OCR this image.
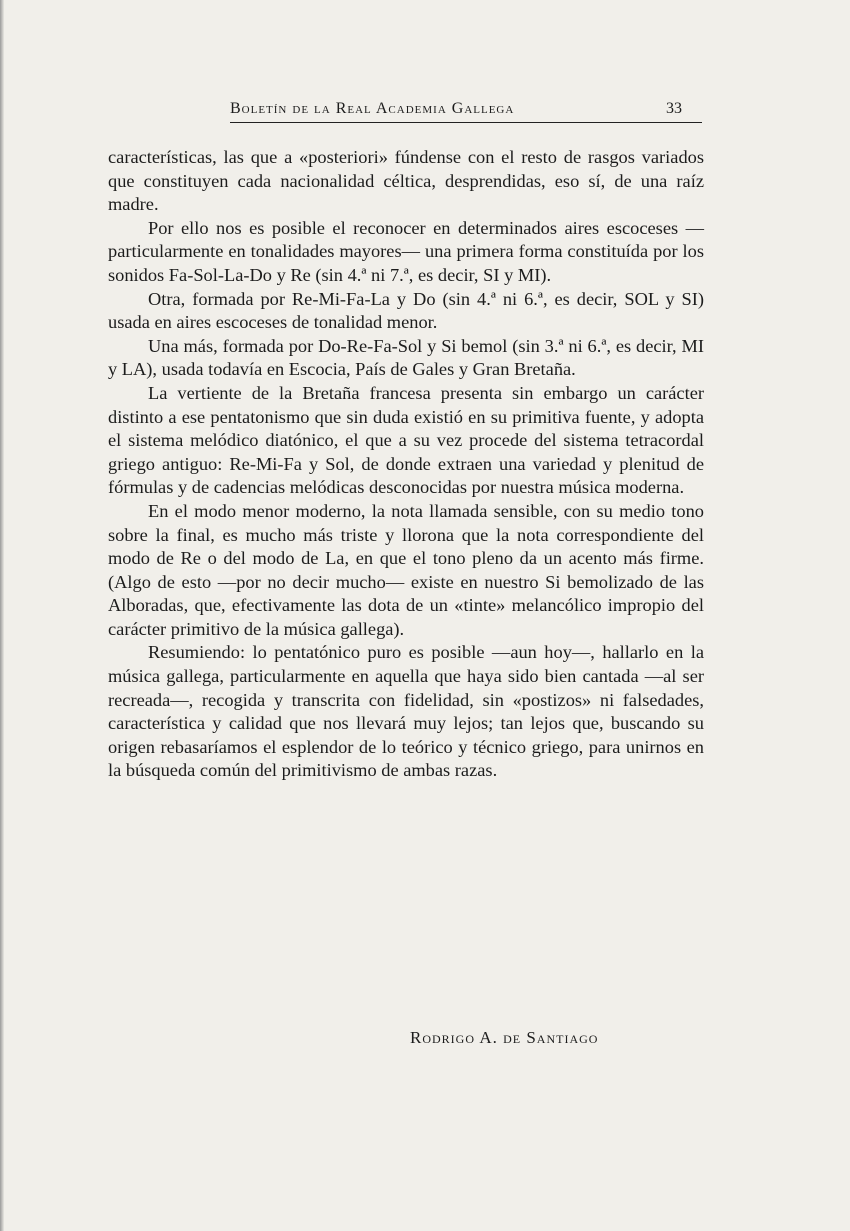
Boletín de la Real Academia Gallega	33

características, las que a «posteriori» fúndense con el resto de rasgos variados que constituyen cada nacionalidad céltica, desprendidas, eso sí, de una raíz madre.

Por ello nos es posible el reconocer en determinados aires escoceses —particularmente en tonalidades mayores— una primera forma constituída por los sonidos Fa-Sol-La-Do y Re (sin 4.ª ni 7.ª, es decir, SI y MI).

Otra, formada por Re-Mi-Fa-La y Do (sin 4.ª ni 6.ª, es decir, SOL y SI) usada en aires escoceses de tonalidad menor.

Una más, formada por Do-Re-Fa-Sol y Si bemol (sin 3.ª ni 6.ª, es decir, MI y LA), usada todavía en Escocia, País de Gales y Gran Bretaña.

La vertiente de la Bretaña francesa presenta sin embargo un carácter distinto a ese pentatonismo que sin duda existió en su primitiva fuente, y adopta el sistema melódico diatónico, el que a su vez procede del sistema tetracordal griego antiguo: Re-Mi-Fa y Sol, de donde extraen una variedad y plenitud de fórmulas y de cadencias melódicas desconocidas por nuestra música moderna.

En el modo menor moderno, la nota llamada sensible, con su medio tono sobre la final, es mucho más triste y llorona que la nota correspondiente del modo de Re o del modo de La, en que el tono pleno da un acento más firme. (Algo de esto —por no decir mucho— existe en nuestro Si bemolizado de las Alboradas, que, efectivamente las dota de un «tinte» melancólico impropio del carácter primitivo de la música gallega).

Resumiendo: lo pentatónico puro es posible —aun hoy—, hallarlo en la música gallega, particularmente en aquella que haya sido bien cantada —al ser recreada—, recogida y transcrita con fidelidad, sin «postizos» ni falsedades, característica y calidad que nos llevará muy lejos; tan lejos que, buscando su origen rebasaríamos el esplendor de lo teórico y técnico griego, para unirnos en la búsqueda común del primitivismo de ambas razas.

Rodrigo A. de Santiago
